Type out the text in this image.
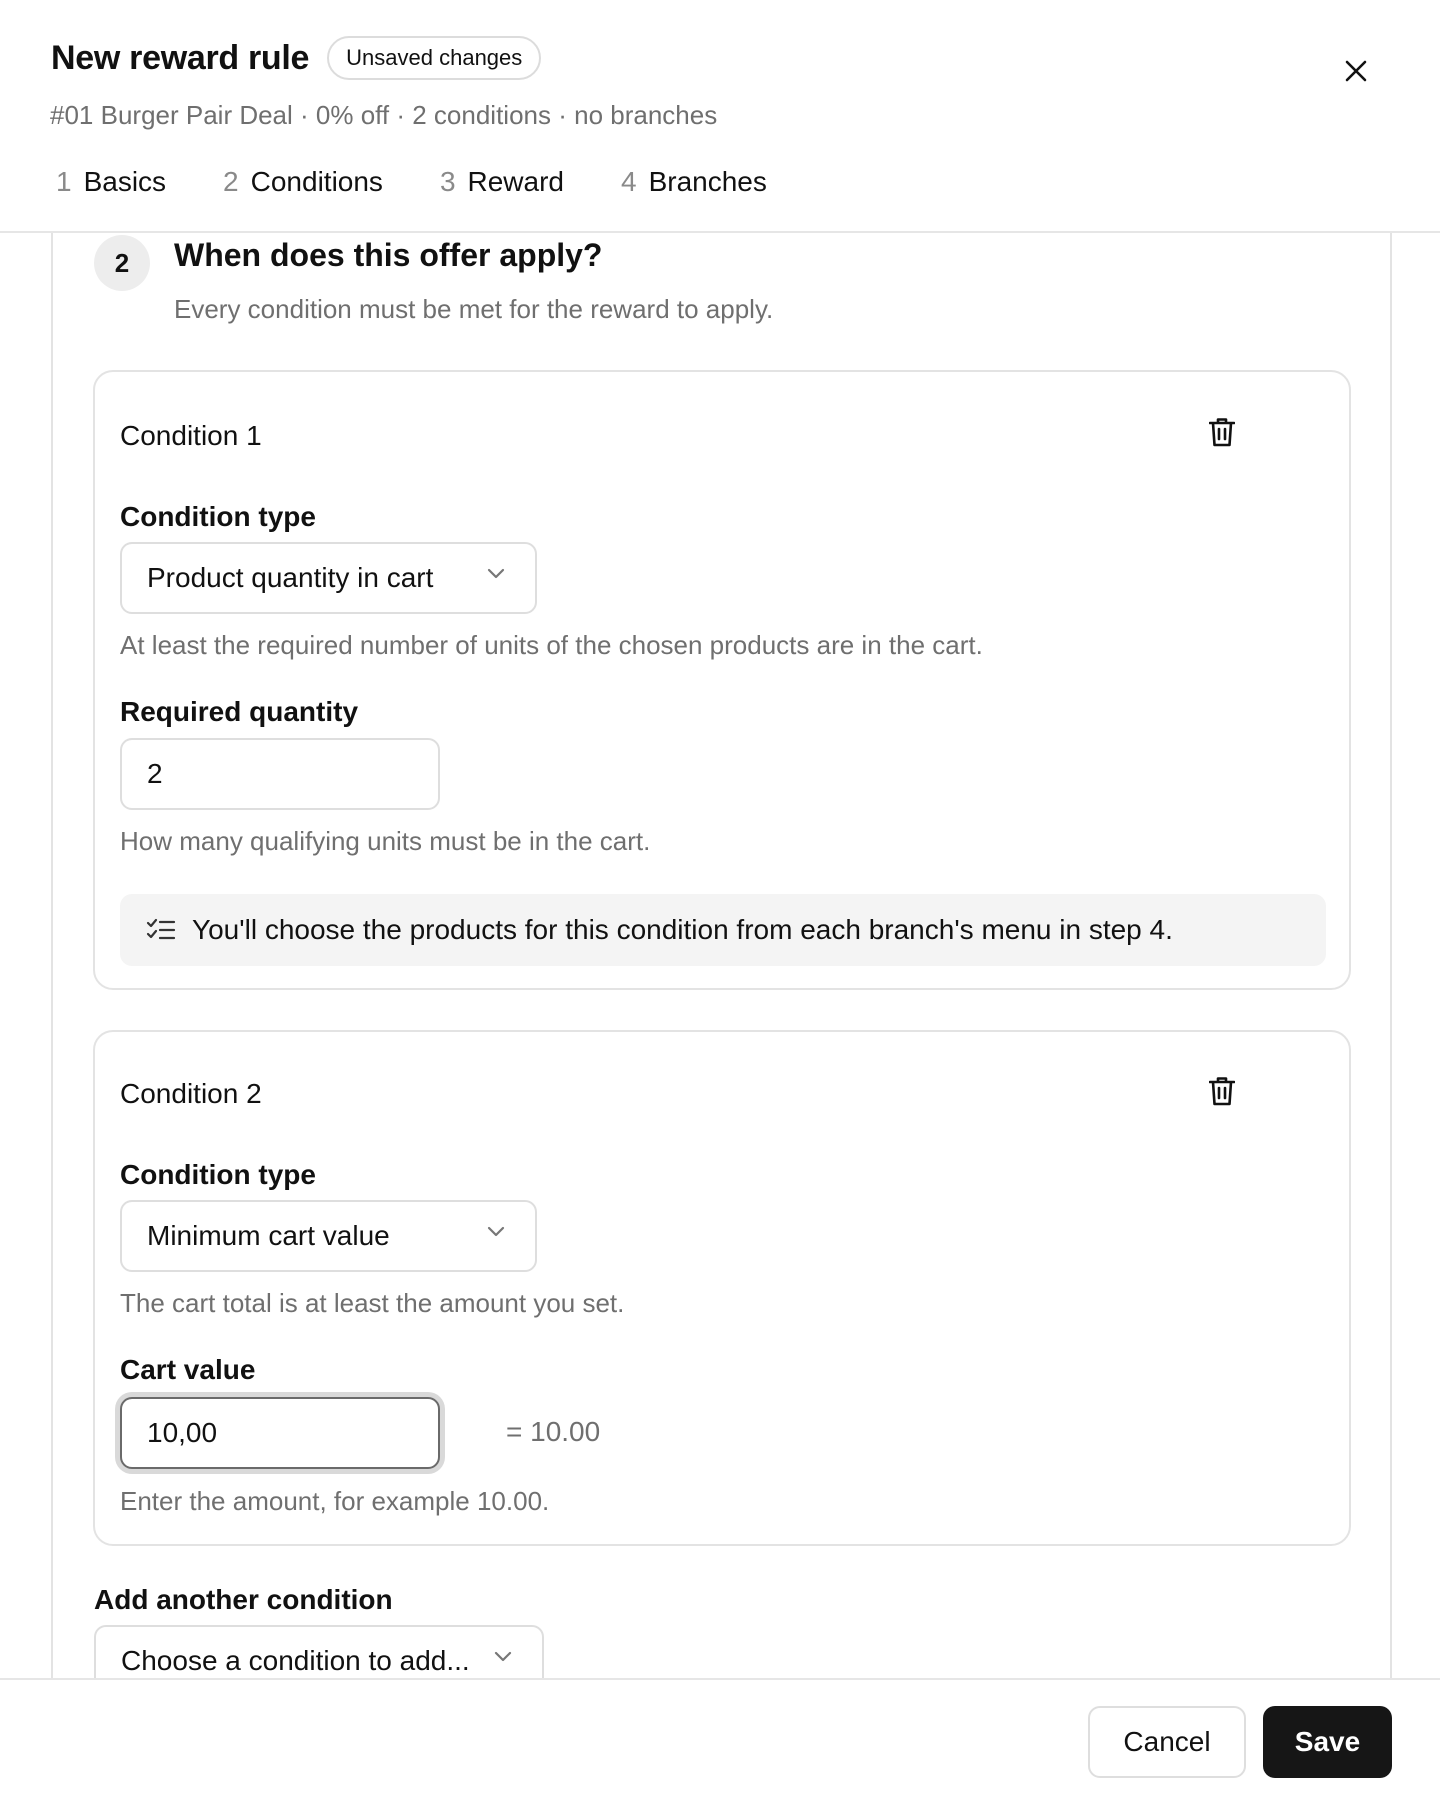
New reward rule	Unsaved changes
#01 Burger Pair Deal · 0% off · 2 conditions · no branches
1 Basics 2 Conditions 3 Reward 4 Branches
2	When does this offer apply?
Every condition must be met for the reward to apply.
Condition 1
Condition type
Product quantity in cart
At least the required number of units of the chosen products are in the cart.
Required quantity
2
How many qualifying units must be in the cart.
You'll choose the products for this condition from each branch's menu in step 4.
Condition 2
Condition type
Minimum cart value
The cart total is at least the amount you set.
Cart value
10,00	= 10.00
Enter the amount, for example 10.00.
Add another condition
Choose a condition to add...
Cancel	Save
